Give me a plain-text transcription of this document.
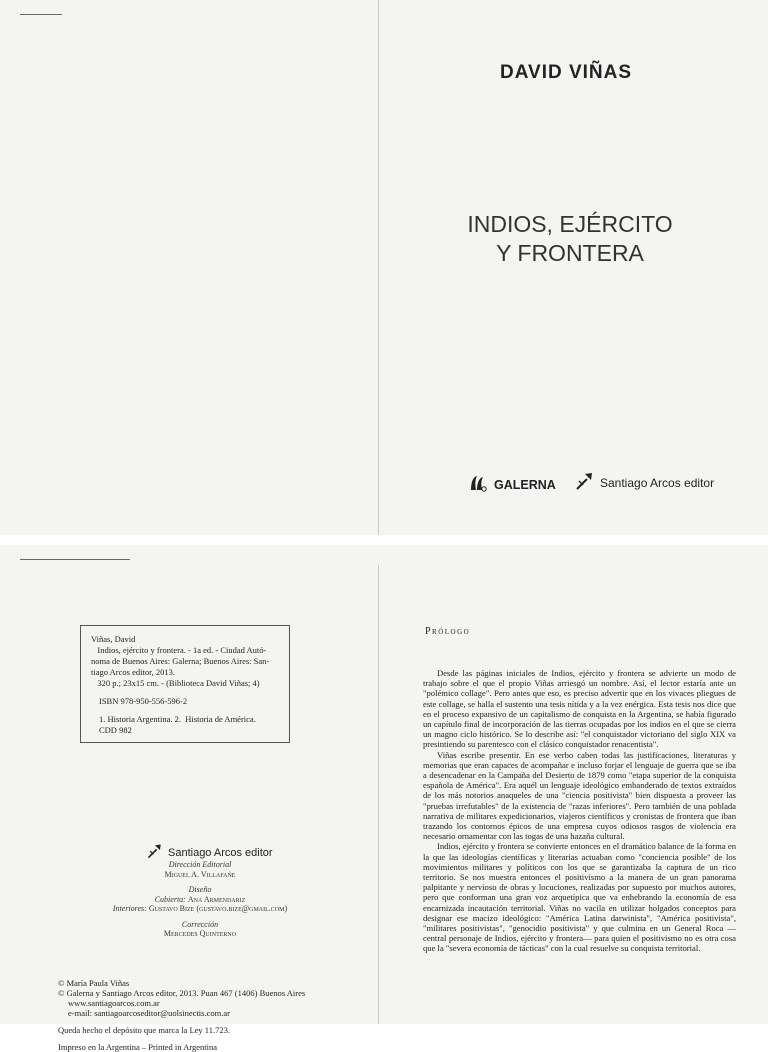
DAVID VIÑAS
INDIOS, EJÉRCITO
Y FRONTERA
GALERNA	Santiago Arcos editor
Viñas, David
Indios, ejército y frontera. - 1a ed. - Ciudad Autó-
noma de Buenos Aires: Galerna; Buenos Aires: San-
tiago Arcos editor, 2013.
320 p.; 23x15 cm. - (Biblioteca David Viñas; 4)
ISBN 978-950-556-596-2
1. Historia Argentina. 2.  Historia de América.
CDD 982
Santiago Arcos editor
Dirección Editorial
Miguel A. Villafañe
Diseño
Cubierta: Ana Armendariz
Interiores: Gustavo Bize (gustavo.bize@gmail.com)
Corrección
Mercedes Quinterno
© María Paula Viñas
© Galerna y Santiago Arcos editor, 2013. Puan 467 (1406) Buenos Aires
www.santiagoarcos.com.ar
e-mail: santiagoarcoseditor@uolsinectis.com.ar
Queda hecho el depósito que marca la Ley 11.723.
Impreso en la Argentina – Printed in Argentina
Prólogo

Desde las páginas iniciales de Indios, ejército y frontera se advierte un modo de trabajo sobre el que el propio Viñas arriesgó un nombre. Así, el lector estaría ante un "polémico collage". Pero antes que eso, es preciso advertir que en los vivaces pliegues de este collage, se halla el sustento una tesis nítida y a la vez enérgica. Esta tesis nos dice que en el proceso expansivo de un capitalismo de conquista en la Argentina, se había figurado un capítulo final de incorporación de las tierras ocupadas por los indios en el que se cierra un magno ciclo histórico. Se lo describe así: "el conquistador victoriano del siglo XIX va presintiendo su parentesco con el clásico conquistador renacentista".

Viñas escribe presentir. En ese verbo caben todas las justificaciones, literaturas y memorias que eran capaces de acompañar e incluso forjar el lenguaje de guerra que se iba a desencadenar en la Campaña del Desierto de 1879 como "etapa superior de la conquista española de América". Era aquél un lenguaje ideológico embanderado de textos extraídos de los más notorios anaqueles de una "ciencia positivista" bien dispuesta a proveer las "pruebas irrefutables" de la existencia de "razas inferiores". Pero también de una poblada narrativa de militares expedicionarios, viajeros científicos y cronistas de frontera que iban trazando los contornos épicos de una empresa cuyos odiosos rasgos de violencia era necesario ornamentar con las togas de una hazaña cultural.

Indios, ejército y frontera se convierte entonces en el dramático balance de la forma en la que las ideologías científicas y literarias actuaban como "conciencia posible" de los movimientos militares y políticos con los que se garantizaba la captura de un rico territorio. Se nos muestra entonces el positivismo a la manera de un gran panorama palpitante y nervioso de obras y locuciones, realizadas por supuesto por muchos autores, pero que conforman una gran voz arquetípica que va enhebrando la economía de esa encarnizada incautación territorial. Viñas no vacila en utilizar holgados conceptos para designar ese macizo ideológico: "América Latina darwinista", "América positivista", "militares positivistas", "genocidio positivista" y que culmina en un General Roca —central personaje de Indios, ejército y frontera— para quien el positivismo no es otra cosa que la "severa economía de tácticas" con la cual resuelve su conquista territorial.
